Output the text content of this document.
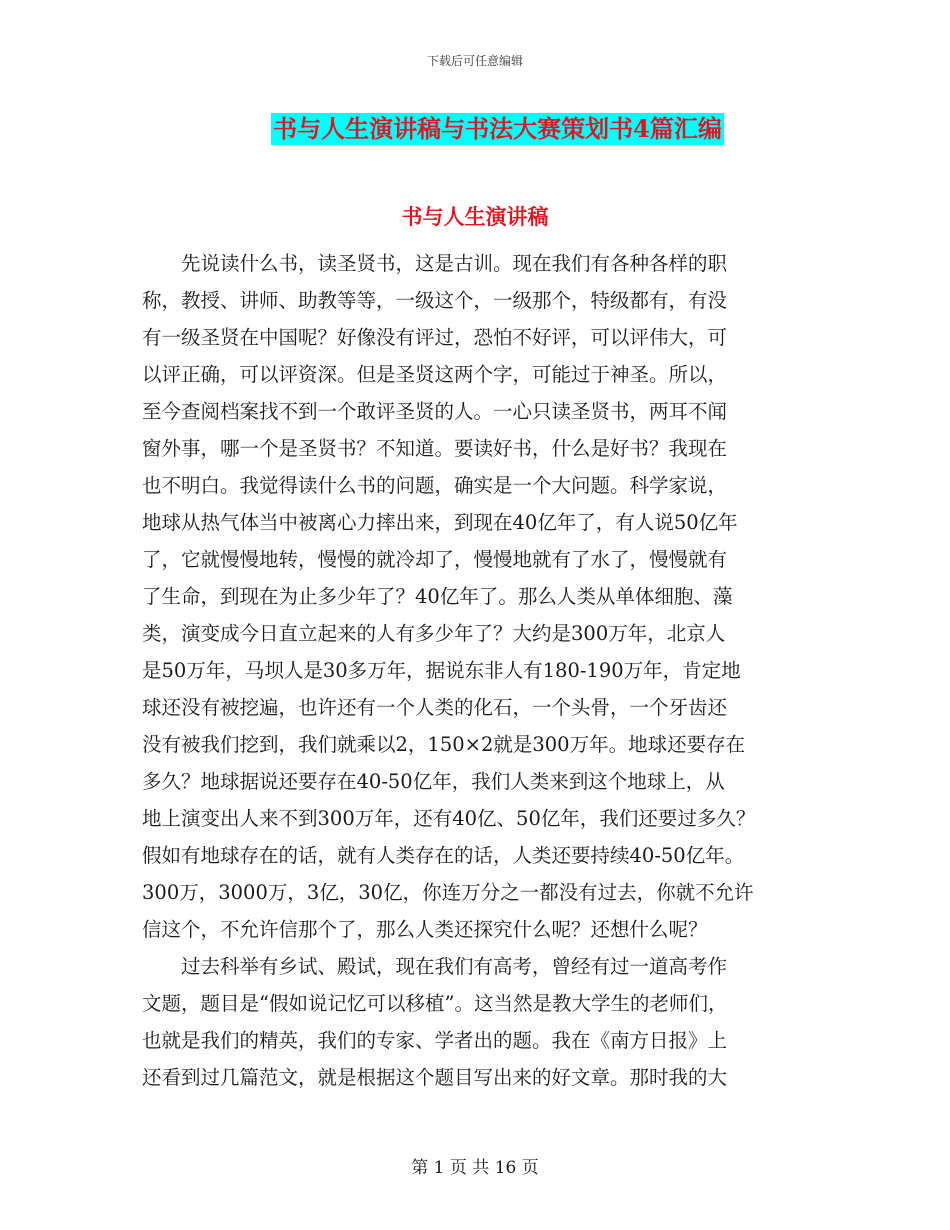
下载后可任意编辑
书与人生演讲稿与书法大赛策划书4篇汇编
书与人生演讲稿
　　先说读什么书，读圣贤书，这是古训。现在我们有各种各样的职
称，教授、讲师、助教等等，一级这个，一级那个，特级都有，有没
有一级圣贤在中国呢？好像没有评过，恐怕不好评，可以评伟大，可
以评正确，可以评资深。但是圣贤这两个字，可能过于神圣。所以，
至今查阅档案找不到一个敢评圣贤的人。一心只读圣贤书，两耳不闻
窗外事，哪一个是圣贤书？不知道。要读好书，什么是好书？我现在
也不明白。我觉得读什么书的问题，确实是一个大问题。科学家说，
地球从热气体当中被离心力摔出来，到现在40亿年了，有人说50亿年
了，它就慢慢地转，慢慢的就冷却了，慢慢地就有了水了，慢慢就有
了生命，到现在为止多少年了？40亿年了。那么人类从单体细胞、藻
类，演变成今日直立起来的人有多少年了？大约是300万年，北京人
是50万年，马坝人是30多万年，据说东非人有180-190万年，肯定地
球还没有被挖遍，也许还有一个人类的化石，一个头骨，一个牙齿还
没有被我们挖到，我们就乘以2，150×2就是300万年。地球还要存在
多久？地球据说还要存在40-50亿年，我们人类来到这个地球上，从
地上演变出人来不到300万年，还有40亿、50亿年，我们还要过多久？
假如有地球存在的话，就有人类存在的话，人类还要持续40-50亿年。
300万，3000万，3亿，30亿，你连万分之一都没有过去，你就不允许
信这个，不允许信那个了，那么人类还探究什么呢？还想什么呢？
　　过去科举有乡试、殿试，现在我们有高考，曾经有过一道高考作
文题，题目是“假如说记忆可以移植”。这当然是教大学生的老师们，
也就是我们的精英，我们的专家、学者出的题。我在《南方日报》上
还看到过几篇范文，就是根据这个题目写出来的好文章。那时我的大
第 1 页 共 16 页
